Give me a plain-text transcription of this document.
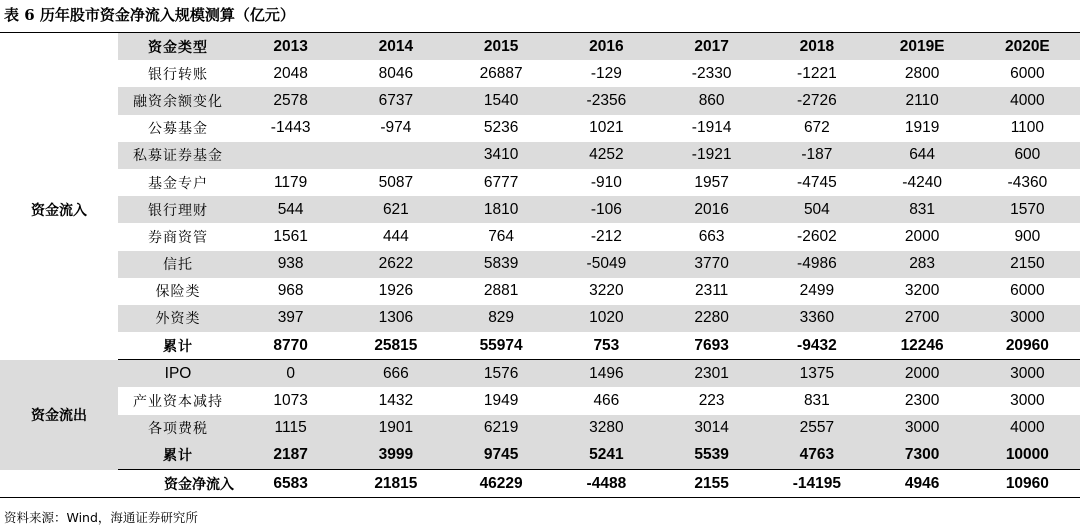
表 6 历年股市资金净流入规模测算（亿元）
	资金类型	2013	2014	2015	2016	2017	2018	2019E	2020E
资金流入	银行转账	2048	8046	26887	-129	-2330	-1221	2800	6000
	融资余额变化	2578	6737	1540	-2356	860	-2726	2110	4000
	公募基金	-1443	-974	5236	1021	-1914	672	1919	1100
	私募证券基金			3410	4252	-1921	-187	644	600
	基金专户	1179	5087	6777	-910	1957	-4745	-4240	-4360
	银行理财	544	621	1810	-106	2016	504	831	1570
	券商资管	1561	444	764	-212	663	-2602	2000	900
	信托	938	2622	5839	-5049	3770	-4986	283	2150
	保险类	968	1926	2881	3220	2311	2499	3200	6000
	外资类	397	1306	829	1020	2280	3360	2700	3000
	累计	8770	25815	55974	753	7693	-9432	12246	20960
资金流出	IPO	0	666	1576	1496	2301	1375	2000	3000
	产业资本减持	1073	1432	1949	466	223	831	2300	3000
	各项费税	1115	1901	6219	3280	3014	2557	3000	4000
	累计	2187	3999	9745	5241	5539	4763	7300	10000
资金净流入		6583	21815	46229	-4488	2155	-14195	4946	10960
资料来源：Wind，海通证券研究所
